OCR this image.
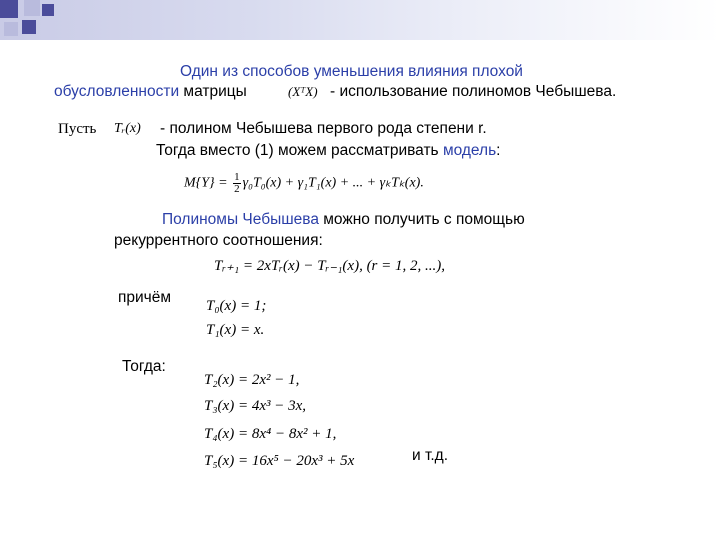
Один из способов уменьшения влияния плохой
обусловленности матрицы	(XᵀX) - использование полиномов Чебышева.
Пусть Tᵣ(x) - полином Чебышева первого рода степени r.
Тогда вместо (1) можем рассматривать модель:
$M\{Y\} = \frac{1}{2} \gamma_0T_0(x) + \gamma_1T_1(x)$ + ... + γₖTₖ(x).
Полиномы Чебышева можно получить с помощью
рекуррентного соотношения:
Tᵣ₊₁ = 2xTᵣ(x) − Tᵣ₋₁(x), (r = 1, 2, ...),
причём T₀(x) = 1;
T₁(x) = x.
Тогда:
T₂(x) = 2x² − 1,
T₃(x) = 4x³ − 3x,
T₄(x) = 8x⁴ − 8x² + 1,
T₅(x) = 16x⁵ − 20x³ + 5x	и т.д.
